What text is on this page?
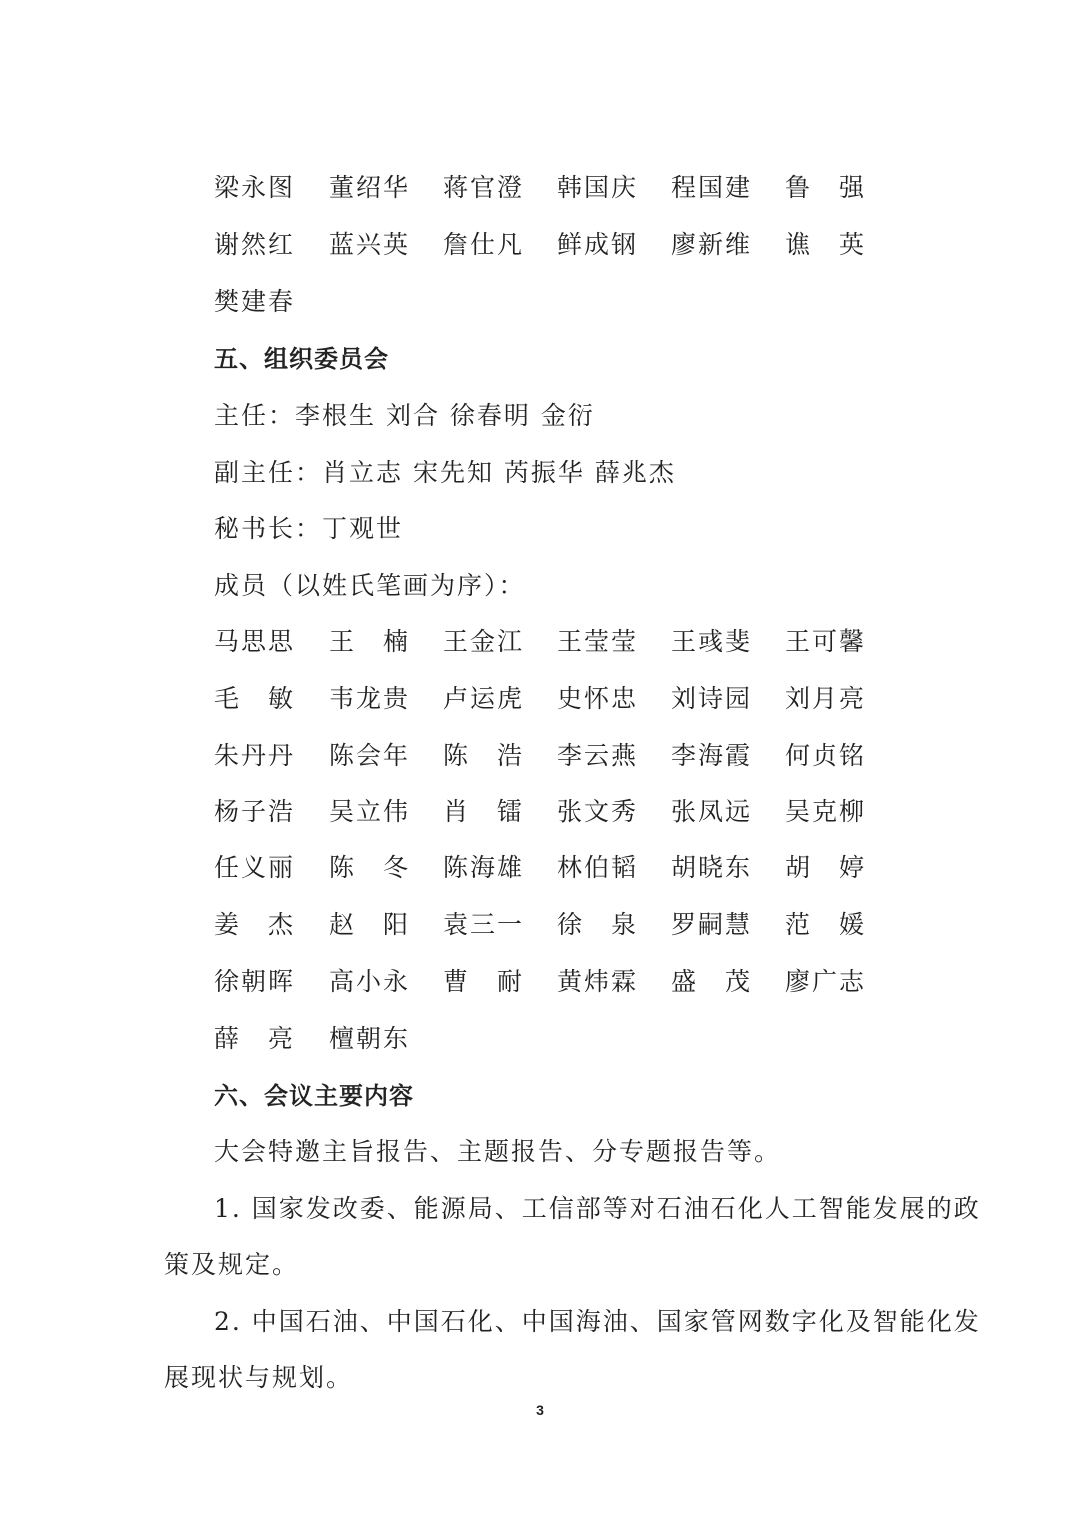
梁永图 董绍华 蒋官澄 韩国庆 程国建 鲁　强
谢然红 蓝兴英 詹仕凡 鲜成钢 廖新维 谯　英
樊建春
五、组织委员会
主任：李根生 刘合 徐春明 金衍
副主任：肖立志 宋先知 芮振华 薛兆杰
秘书长：丁观世
成员（以姓氏笔画为序）：
马思思 王　楠 王金江 王莹莹 王彧斐 王可馨
毛　敏 韦龙贵 卢运虎 史怀忠 刘诗园 刘月亮
朱丹丹 陈会年 陈　浩 李云燕 李海霞 何贞铭
杨子浩 吴立伟 肖　镭 张文秀 张凤远 吴克柳
任义丽 陈　冬 陈海雄 林伯韬 胡晓东 胡　婷
姜　杰 赵　阳 袁三一 徐　泉 罗嗣慧 范　媛
徐朝晖 高小永 曹　耐 黄炜霖 盛　茂 廖广志
薛　亮 檀朝东
六、会议主要内容
大会特邀主旨报告、主题报告、分专题报告等。
1. 国家发改委、能源局、工信部等对石油石化人工智能发展的政
策及规定。
2. 中国石油、中国石化、中国海油、国家管网数字化及智能化发
展现状与规划。
3
